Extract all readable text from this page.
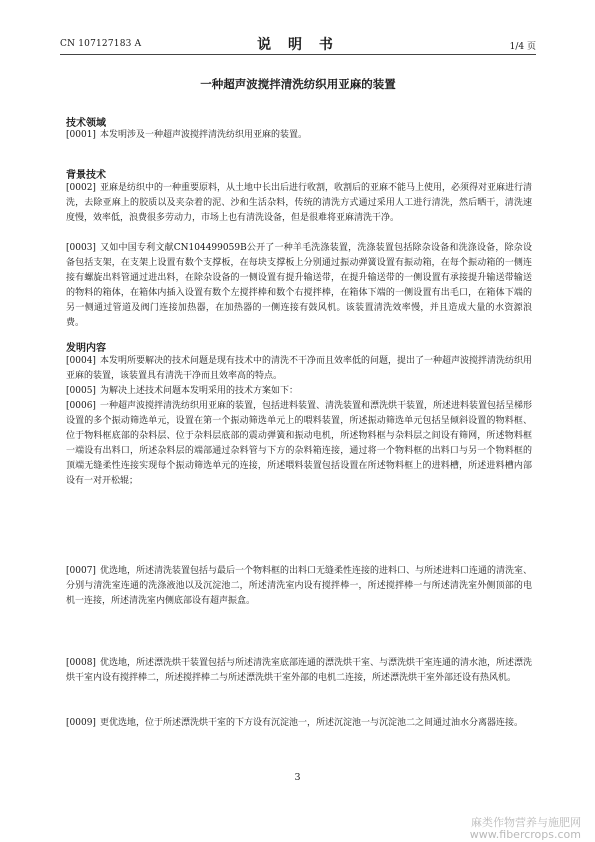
CN 107127183 A	说 明 书	1/4 页
一种超声波搅拌清洗纺织用亚麻的装置
技术领域
[0001] 本发明涉及一种超声波搅拌清洗纺织用亚麻的装置。
背景技术
[0002] 亚麻是纺织中的一种重要原料，从土地中长出后进行收割，收割后的亚麻不能马上使用，必须得对亚麻进行清洗，去除亚麻上的胶质以及夹杂着的泥、沙和生活杂料，传统的清洗方式通过采用人工进行清洗，然后晒干，清洗速度慢，效率低，浪费很多劳动力，市场上也有清洗设备，但是很难将亚麻清洗干净。
[0003] 又如中国专利文献CN104499059B公开了一种羊毛洗涤装置，洗涤装置包括除杂设备和洗涤设备，除杂设备包括支架，在支架上设置有数个支撑板，在每块支撑板上分别通过振动弹簧设置有振动箱，在每个振动箱的一侧连接有螺旋出料管通过进出料，在除杂设备的一侧设置有提升输送带，在提升输送带的一侧设置有承接提升输送带输送的物料的箱体，在箱体内插入设置有数个左搅拌棒和数个右搅拌棒，在箱体下端的一侧设置有出毛口，在箱体下端的另一侧通过管道及阀门连接加热器，在加热器的一侧连接有鼓风机。该装置清洗效率慢，并且造成大量的水资源浪费。
发明内容
[0004] 本发明所要解决的技术问题是现有技术中的清洗不干净而且效率低的问题，提出了一种超声波搅拌清洗纺织用亚麻的装置，该装置具有清洗干净而且效率高的特点。
[0005] 为解决上述技术问题本发明采用的技术方案如下：
[0006] 一种超声波搅拌清洗纺织用亚麻的装置，包括进料装置、清洗装置和漂洗烘干装置，所述进料装置包括呈梯形设置的多个振动筛选单元，设置在第一个振动筛选单元上的喂料装置，所述振动筛选单元包括呈倾斜设置的物料框、位于物料框底部的杂料层、位于杂料层底部的震动弹簧和振动电机，所述物料框与杂料层之间设有筛网，所述物料框一端设有出料口，所述杂料层的端部通过杂料管与下方的杂料箱连接，通过将一个物料框的出料口与另一个物料框的顶端无缝柔性连接实现每个振动筛选单元的连接，所述喂料装置包括设置在所述物料框上的进料槽，所述进料槽内部设有一对开松辊；
[0007] 优选地，所述清洗装置包括与最后一个物料框的出料口无缝柔性连接的进料口、与所述进料口连通的清洗室、分别与清洗室连通的洗涤液池以及沉淀池二，所述清洗室内设有搅拌棒一，所述搅拌棒一与所述清洗室外侧顶部的电机一连接，所述清洗室内侧底部设有超声振盒。
[0008] 优选地，所述漂洗烘干装置包括与所述清洗室底部连通的漂洗烘干室、与漂洗烘干室连通的清水池，所述漂洗烘干室内设有搅拌棒二，所述搅拌棒二与所述漂洗烘干室外部的电机二连接，所述漂洗烘干室外部还设有热风机。
[0009] 更优选地，位于所述漂洗烘干室的下方设有沉淀池一，所述沉淀池一与沉淀池二之间通过油水分离器连接。
3
麻类作物营养与施肥网
www.fibercrops.com
